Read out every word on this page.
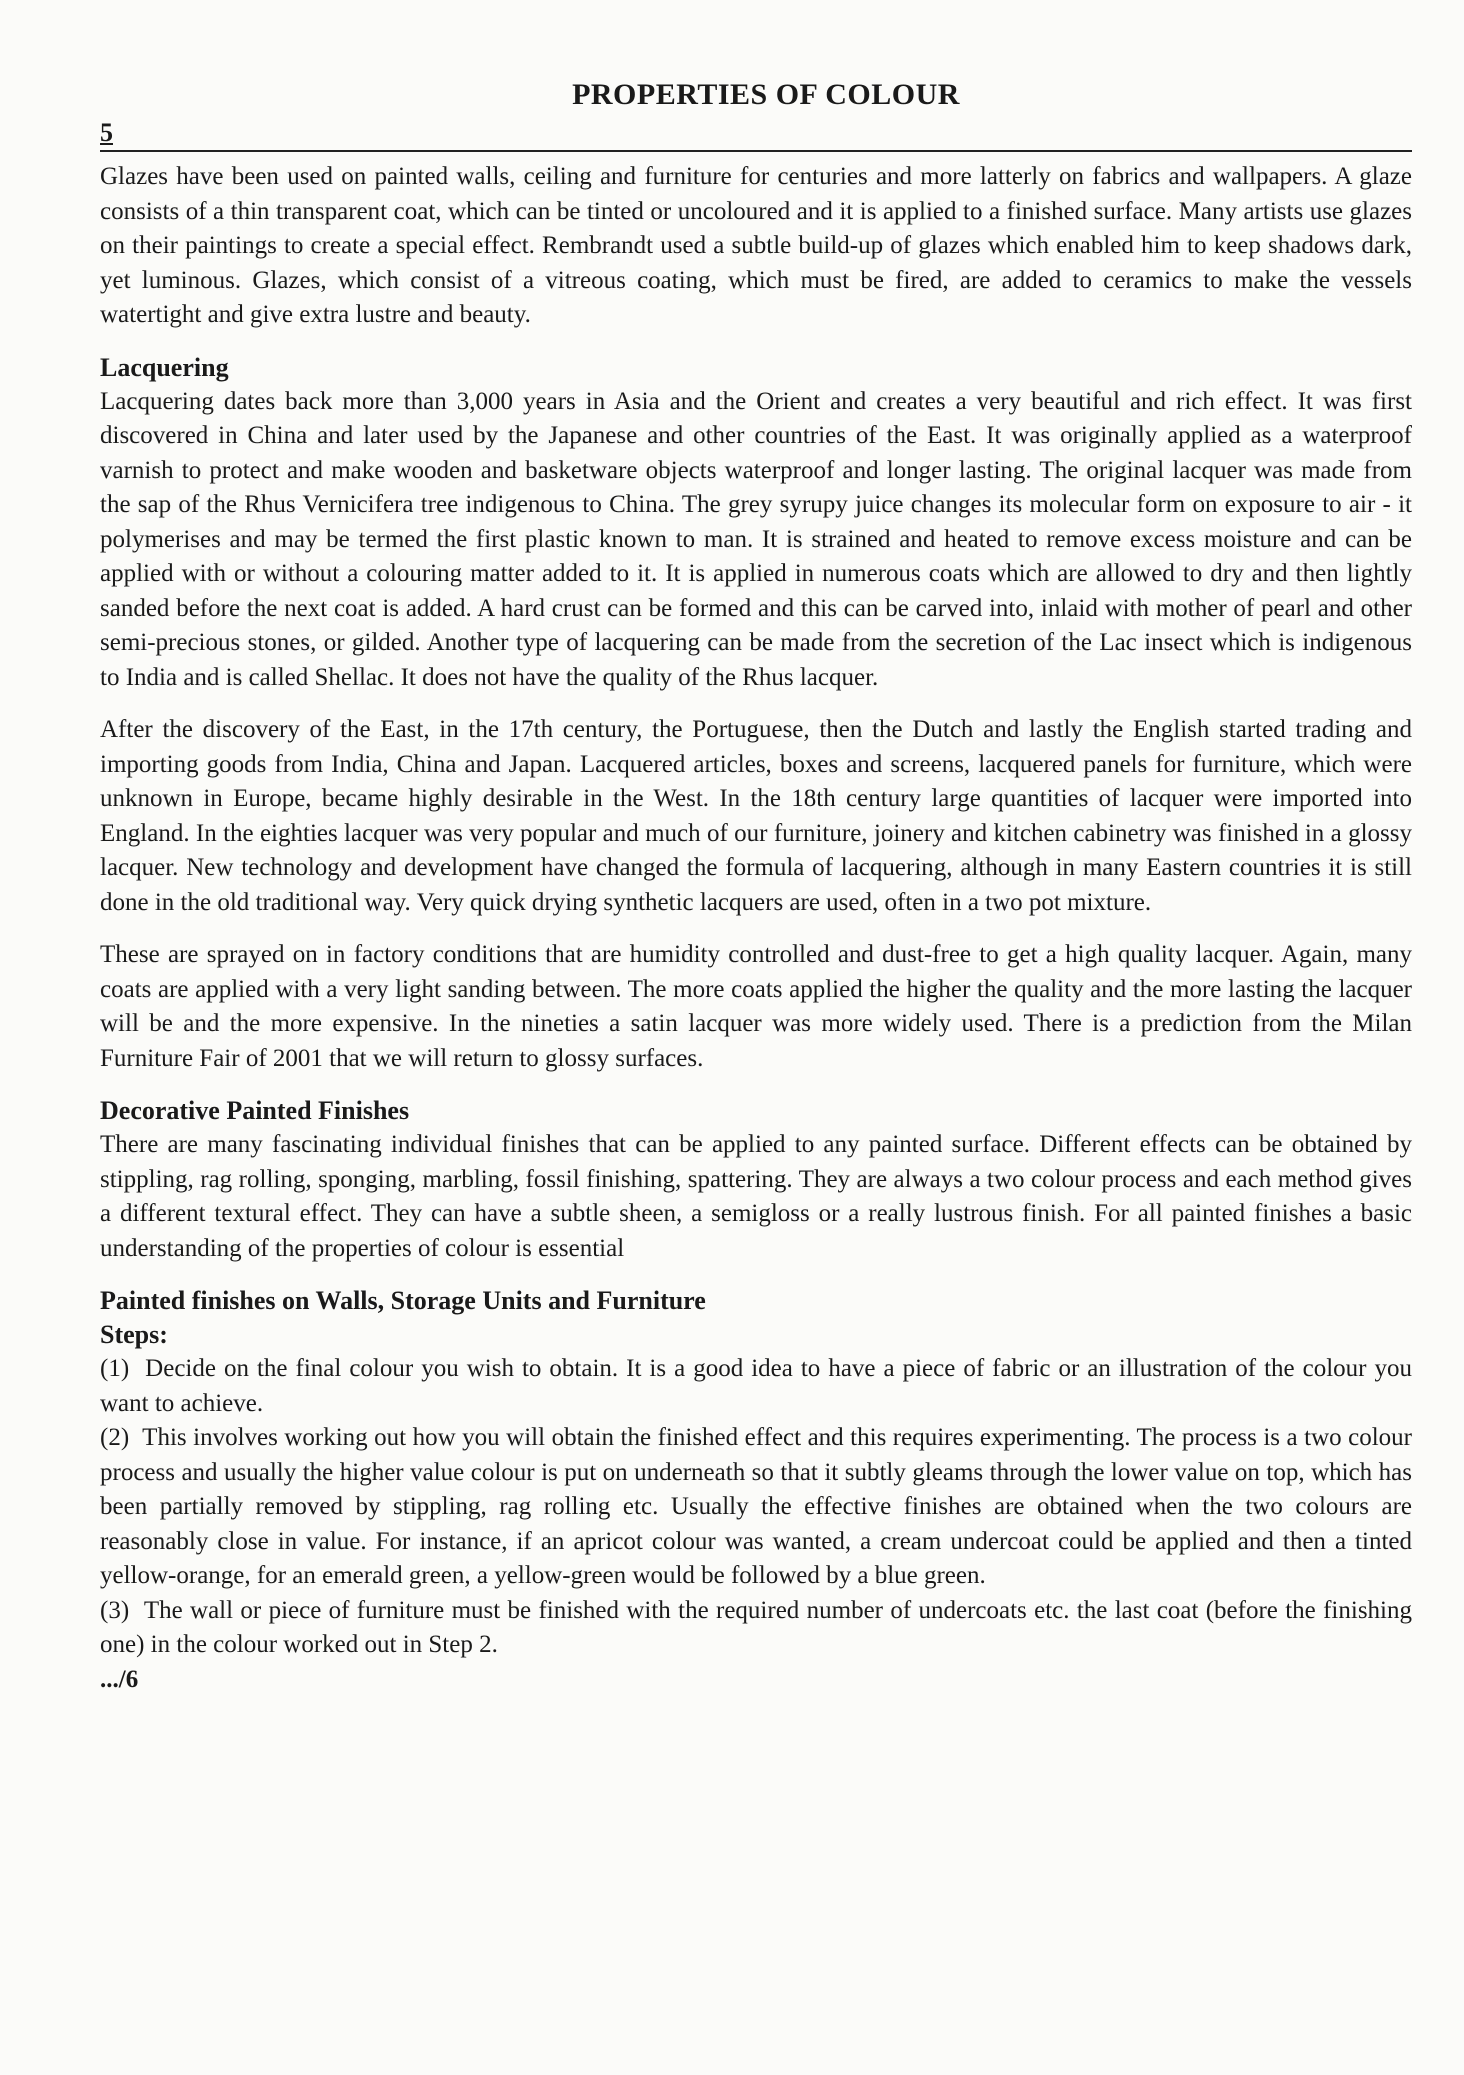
PROPERTIES OF COLOUR
5

Glazes have been used on painted walls, ceiling and furniture for centuries and more latterly on fabrics and wallpapers. A glaze consists of a thin transparent coat, which can be tinted or uncoloured and it is applied to a finished surface. Many artists use glazes on their paintings to create a special effect. Rembrandt used a subtle build-up of glazes which enabled him to keep shadows dark, yet luminous. Glazes, which consist of a vitreous coating, which must be fired, are added to ceramics to make the vessels watertight and give extra lustre and beauty.

Lacquering

Lacquering dates back more than 3,000 years in Asia and the Orient and creates a very beautiful and rich effect. It was first discovered in China and later used by the Japanese and other countries of the East. It was originally applied as a waterproof varnish to protect and make wooden and basketware objects waterproof and longer lasting. The original lacquer was made from the sap of the Rhus Vernicifera tree indigenous to China. The grey syrupy juice changes its molecular form on exposure to air - it polymerises and may be termed the first plastic known to man. It is strained and heated to remove excess moisture and can be applied with or without a colouring matter added to it. It is applied in numerous coats which are allowed to dry and then lightly sanded before the next coat is added. A hard crust can be formed and this can be carved into, inlaid with mother of pearl and other semi-precious stones, or gilded. Another type of lacquering can be made from the secretion of the Lac insect which is indigenous to India and is called Shellac. It does not have the quality of the Rhus lacquer.

After the discovery of the East, in the 17th century, the Portuguese, then the Dutch and lastly the English started trading and importing goods from India, China and Japan. Lacquered articles, boxes and screens, lacquered panels for furniture, which were unknown in Europe, became highly desirable in the West. In the 18th century large quantities of lacquer were imported into England. In the eighties lacquer was very popular and much of our furniture, joinery and kitchen cabinetry was finished in a glossy lacquer. New technology and development have changed the formula of lacquering, although in many Eastern countries it is still done in the old traditional way. Very quick drying synthetic lacquers are used, often in a two pot mixture.

These are sprayed on in factory conditions that are humidity controlled and dust-free to get a high quality lacquer. Again, many coats are applied with a very light sanding between. The more coats applied the higher the quality and the more lasting the lacquer will be and the more expensive. In the nineties a satin lacquer was more widely used. There is a prediction from the Milan Furniture Fair of 2001 that we will return to glossy surfaces.

Decorative Painted Finishes

There are many fascinating individual finishes that can be applied to any painted surface. Different effects can be obtained by stippling, rag rolling, sponging, marbling, fossil finishing, spattering. They are always a two colour process and each method gives a different textural effect. They can have a subtle sheen, a semigloss or a really lustrous finish. For all painted finishes a basic understanding of the properties of colour is essential

Painted finishes on Walls, Storage Units and Furniture
Steps:

(1) Decide on the final colour you wish to obtain. It is a good idea to have a piece of fabric or an illustration of the colour you want to achieve.

(2) This involves working out how you will obtain the finished effect and this requires experimenting. The process is a two colour process and usually the higher value colour is put on underneath so that it subtly gleams through the lower value on top, which has been partially removed by stippling, rag rolling etc. Usually the effective finishes are obtained when the two colours are reasonably close in value. For instance, if an apricot colour was wanted, a cream undercoat could be applied and then a tinted yellow-orange, for an emerald green, a yellow-green would be followed by a blue green.

(3) The wall or piece of furniture must be finished with the required number of undercoats etc. the last coat (before the finishing one) in the colour worked out in Step 2.

.../6
